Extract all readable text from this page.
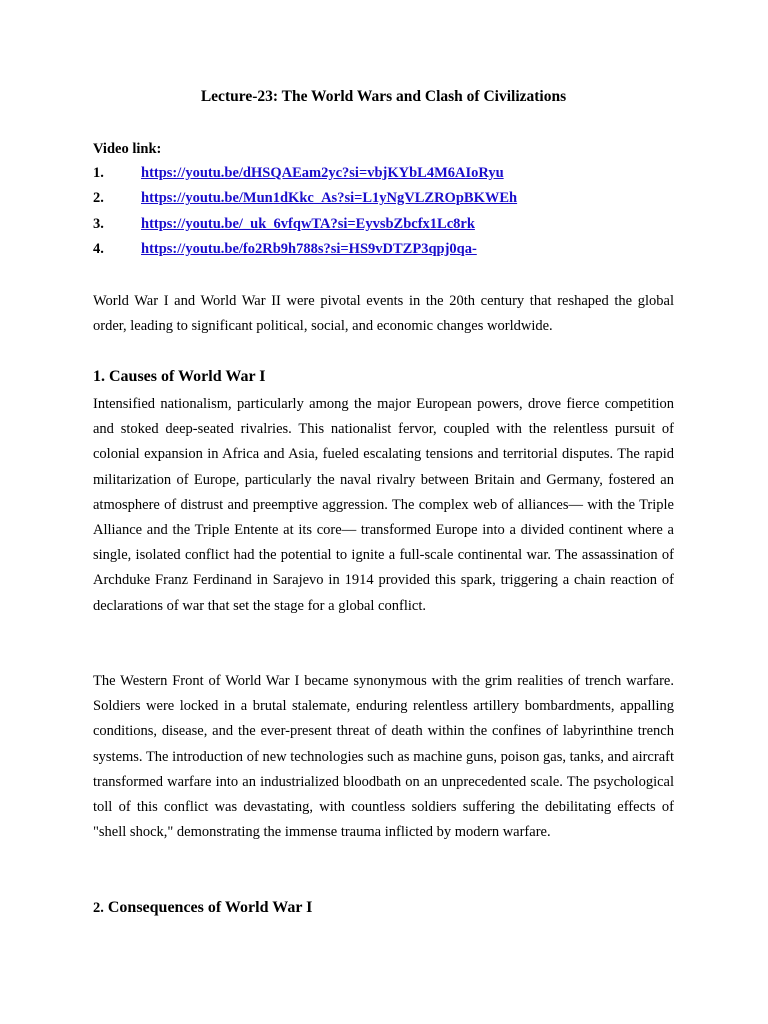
Lecture-23: The World Wars and Clash of Civilizations
Video link:
1.	https://youtu.be/dHSQAEam2yc?si=vbjKYbL4M6AIoRyu
2.	https://youtu.be/Mun1dKkc_As?si=L1yNgVLZROpBKWEh
3.	https://youtu.be/_uk_6vfqwTA?si=EyvsbZbcfx1Lc8rk
4.	https://youtu.be/fo2Rb9h788s?si=HS9vDTZP3qpj0qa-

World War I and World War II were pivotal events in the 20th century that reshaped the global order, leading to significant political, social, and economic changes worldwide.

1. Causes of World War I

Intensified nationalism, particularly among the major European powers, drove fierce competition and stoked deep-seated rivalries. This nationalist fervor, coupled with the relentless pursuit of colonial expansion in Africa and Asia, fueled escalating tensions and territorial disputes. The rapid militarization of Europe, particularly the naval rivalry between Britain and Germany, fostered an atmosphere of distrust and preemptive aggression. The complex web of alliances— with the Triple Alliance and the Triple Entente at its core— transformed Europe into a divided continent where a single, isolated conflict had the potential to ignite a full-scale continental war. The assassination of Archduke Franz Ferdinand in Sarajevo in 1914 provided this spark, triggering a chain reaction of declarations of war that set the stage for a global conflict.

The Western Front of World War I became synonymous with the grim realities of trench warfare. Soldiers were locked in a brutal stalemate, enduring relentless artillery bombardments, appalling conditions, disease, and the ever-present threat of death within the confines of labyrinthine trench systems. The introduction of new technologies such as machine guns, poison gas, tanks, and aircraft transformed warfare into an industrialized bloodbath on an unprecedented scale. The psychological toll of this conflict was devastating, with countless soldiers suffering the debilitating effects of "shell shock," demonstrating the immense trauma inflicted by modern warfare.

2. Consequences of World War I
